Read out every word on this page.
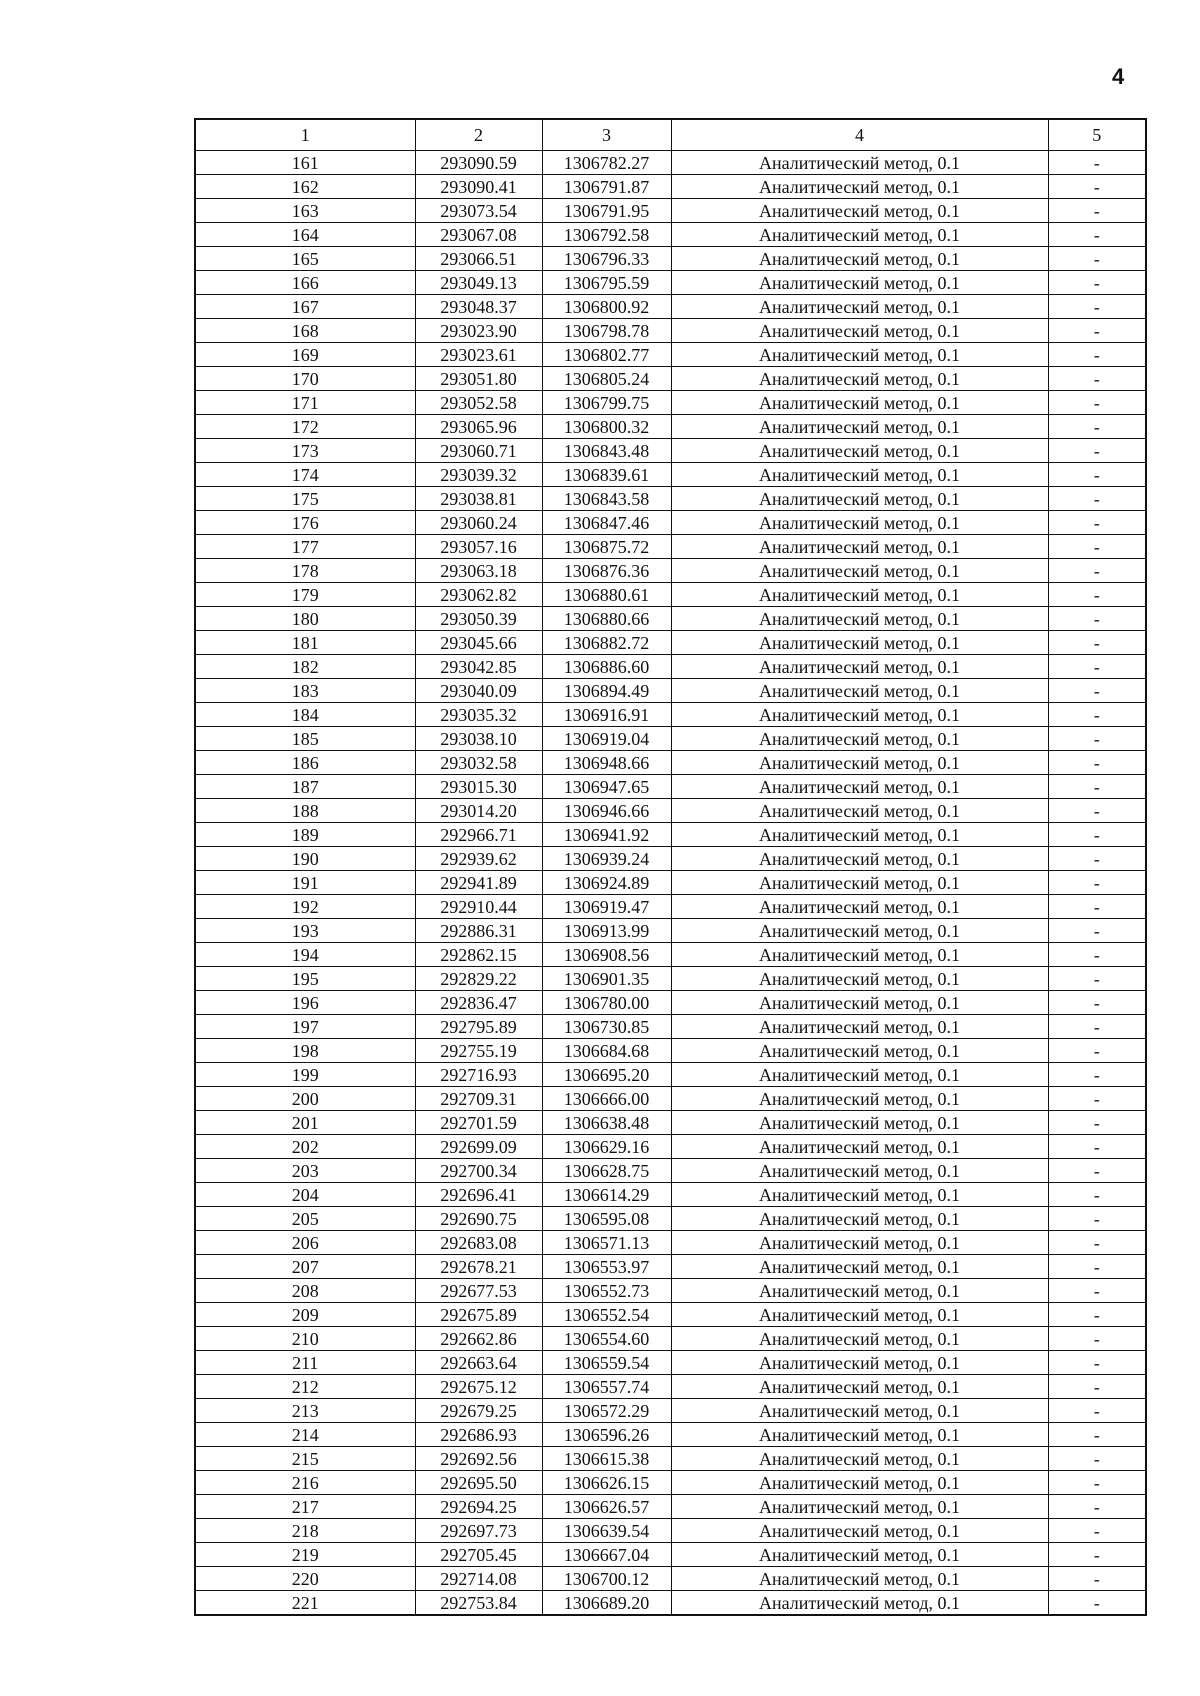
4
1	2	3	4	5
161	293090.59	1306782.27	Аналитический метод, 0.1	-
162	293090.41	1306791.87	Аналитический метод, 0.1	-
163	293073.54	1306791.95	Аналитический метод, 0.1	-
164	293067.08	1306792.58	Аналитический метод, 0.1	-
165	293066.51	1306796.33	Аналитический метод, 0.1	-
166	293049.13	1306795.59	Аналитический метод, 0.1	-
167	293048.37	1306800.92	Аналитический метод, 0.1	-
168	293023.90	1306798.78	Аналитический метод, 0.1	-
169	293023.61	1306802.77	Аналитический метод, 0.1	-
170	293051.80	1306805.24	Аналитический метод, 0.1	-
171	293052.58	1306799.75	Аналитический метод, 0.1	-
172	293065.96	1306800.32	Аналитический метод, 0.1	-
173	293060.71	1306843.48	Аналитический метод, 0.1	-
174	293039.32	1306839.61	Аналитический метод, 0.1	-
175	293038.81	1306843.58	Аналитический метод, 0.1	-
176	293060.24	1306847.46	Аналитический метод, 0.1	-
177	293057.16	1306875.72	Аналитический метод, 0.1	-
178	293063.18	1306876.36	Аналитический метод, 0.1	-
179	293062.82	1306880.61	Аналитический метод, 0.1	-
180	293050.39	1306880.66	Аналитический метод, 0.1	-
181	293045.66	1306882.72	Аналитический метод, 0.1	-
182	293042.85	1306886.60	Аналитический метод, 0.1	-
183	293040.09	1306894.49	Аналитический метод, 0.1	-
184	293035.32	1306916.91	Аналитический метод, 0.1	-
185	293038.10	1306919.04	Аналитический метод, 0.1	-
186	293032.58	1306948.66	Аналитический метод, 0.1	-
187	293015.30	1306947.65	Аналитический метод, 0.1	-
188	293014.20	1306946.66	Аналитический метод, 0.1	-
189	292966.71	1306941.92	Аналитический метод, 0.1	-
190	292939.62	1306939.24	Аналитический метод, 0.1	-
191	292941.89	1306924.89	Аналитический метод, 0.1	-
192	292910.44	1306919.47	Аналитический метод, 0.1	-
193	292886.31	1306913.99	Аналитический метод, 0.1	-
194	292862.15	1306908.56	Аналитический метод, 0.1	-
195	292829.22	1306901.35	Аналитический метод, 0.1	-
196	292836.47	1306780.00	Аналитический метод, 0.1	-
197	292795.89	1306730.85	Аналитический метод, 0.1	-
198	292755.19	1306684.68	Аналитический метод, 0.1	-
199	292716.93	1306695.20	Аналитический метод, 0.1	-
200	292709.31	1306666.00	Аналитический метод, 0.1	-
201	292701.59	1306638.48	Аналитический метод, 0.1	-
202	292699.09	1306629.16	Аналитический метод, 0.1	-
203	292700.34	1306628.75	Аналитический метод, 0.1	-
204	292696.41	1306614.29	Аналитический метод, 0.1	-
205	292690.75	1306595.08	Аналитический метод, 0.1	-
206	292683.08	1306571.13	Аналитический метод, 0.1	-
207	292678.21	1306553.97	Аналитический метод, 0.1	-
208	292677.53	1306552.73	Аналитический метод, 0.1	-
209	292675.89	1306552.54	Аналитический метод, 0.1	-
210	292662.86	1306554.60	Аналитический метод, 0.1	-
211	292663.64	1306559.54	Аналитический метод, 0.1	-
212	292675.12	1306557.74	Аналитический метод, 0.1	-
213	292679.25	1306572.29	Аналитический метод, 0.1	-
214	292686.93	1306596.26	Аналитический метод, 0.1	-
215	292692.56	1306615.38	Аналитический метод, 0.1	-
216	292695.50	1306626.15	Аналитический метод, 0.1	-
217	292694.25	1306626.57	Аналитический метод, 0.1	-
218	292697.73	1306639.54	Аналитический метод, 0.1	-
219	292705.45	1306667.04	Аналитический метод, 0.1	-
220	292714.08	1306700.12	Аналитический метод, 0.1	-
221	292753.84	1306689.20	Аналитический метод, 0.1	-
